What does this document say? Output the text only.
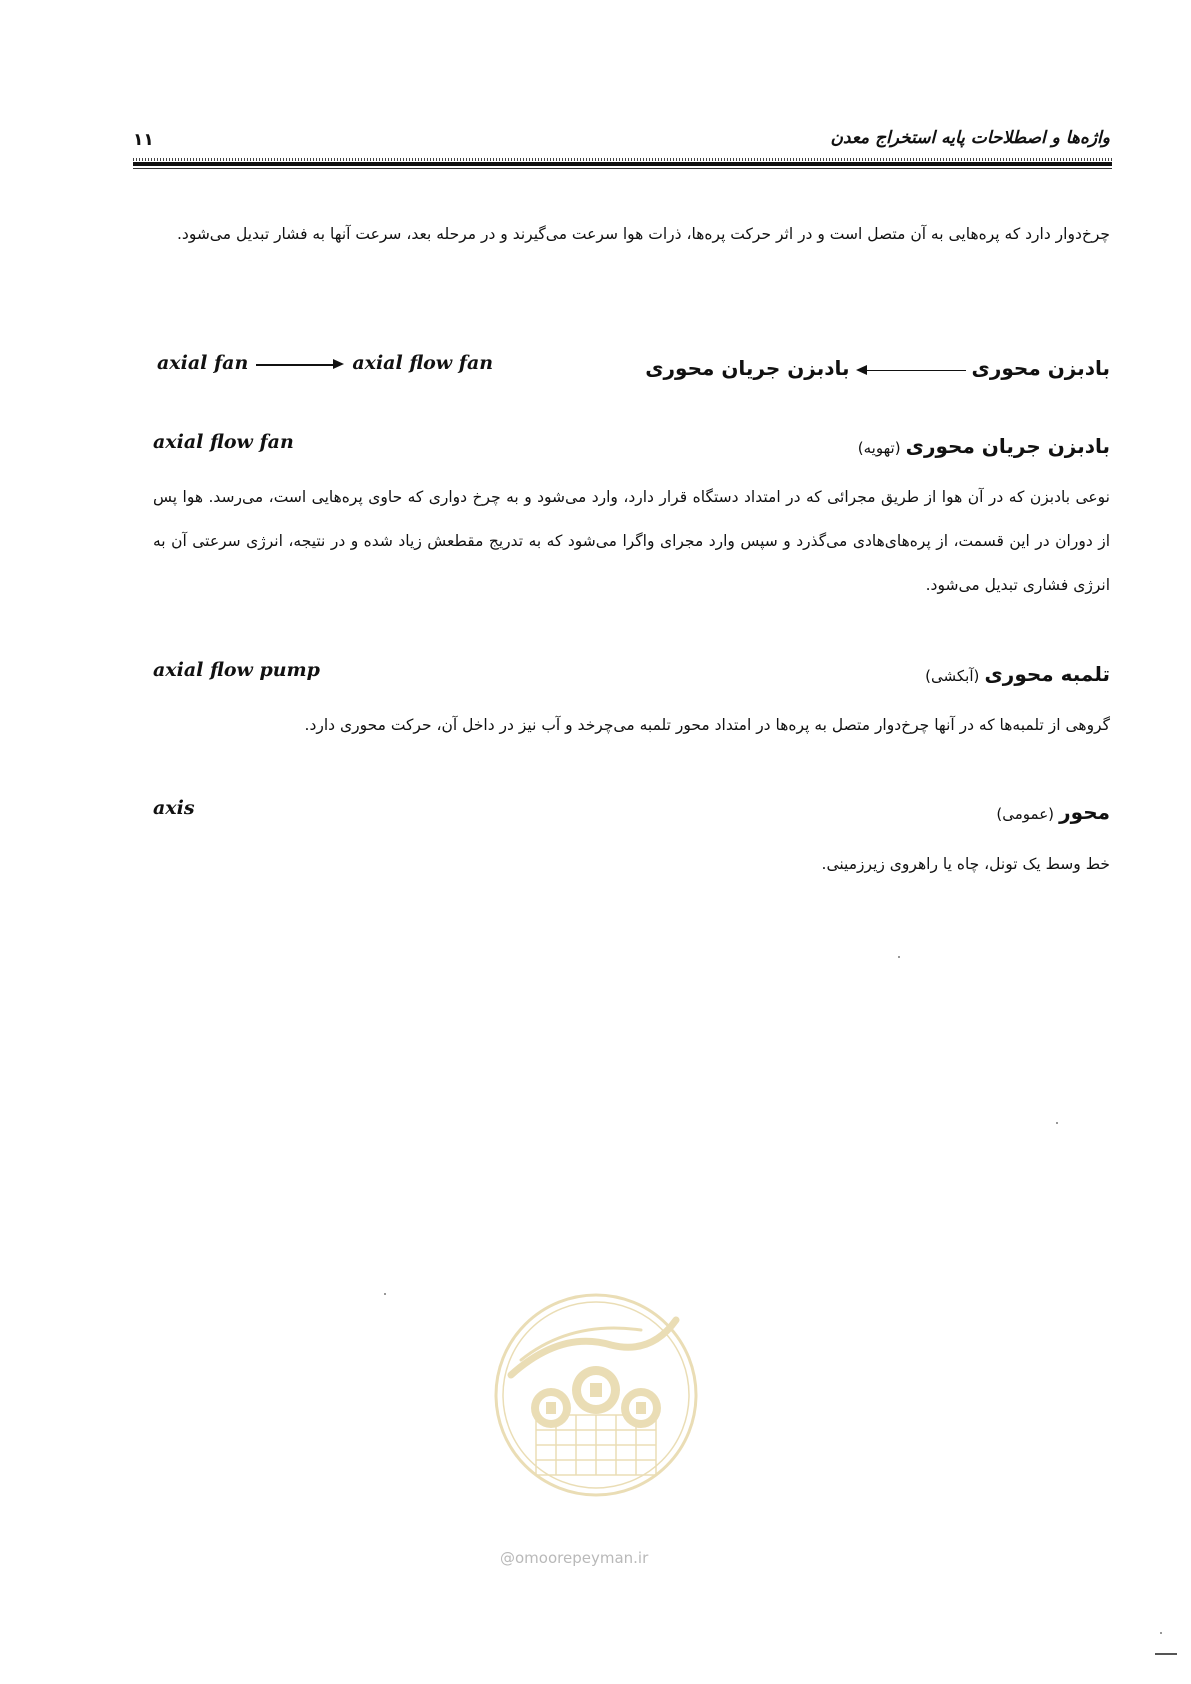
واژه‌ها و اصطلاحات پایه استخراج معدن
۱۱
چرخ‌دوار دارد که پره‌هایی به آن متصل است و در اثر حرکت پره‌ها، ذرات هوا سرعت می‌گیرند و در مرحله بعد، سرعت آنها به فشار تبدیل می‌شود.
بادبزن محوریبادبزن جریان محوری
axial fan	axial flow fan
بادبزن جریان محوری (تهویه)
axial flow fan
نوعی بادبزن که در آن هوا از طریق مجرائی که در امتداد دستگاه قرار دارد، وارد می‌شود و به چرخ دواری که حاوی پره‌هایی است، می‌رسد. هوا پس از دوران در این قسمت، از پره‌های‌هادی می‌گذرد و سپس وارد مجرای واگرا می‌شود که به تدریج مقطعش زیاد شده و در نتیجه، انرژی سرعتی آن به انرژی فشاری تبدیل می‌شود.
تلمبه محوری (آبکشی)
axial flow pump
گروهی از تلمبه‌ها که در آنها چرخ‌دوار متصل به پره‌ها در امتداد محور تلمبه می‌چرخد و آب نیز در داخل آن، حرکت محوری دارد.
محور (عمومی)
axis
خط وسط یک تونل، چاه یا راهروی زیرزمینی.
@omoorepeyman.ir
